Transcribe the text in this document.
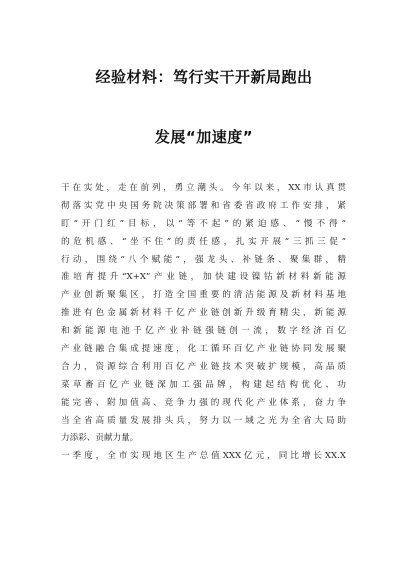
经验材料：笃行实干开新局跑出
发展“加速度”
干在实处，走在前列，勇立潮头。今年以来，XX市认真贯
彻落实党中央国务院决策部署和省委省政府工作安排，紧
盯“开门红”目标，以“等不起”的紧迫感、“慢不得”
的危机感、“坐不住”的责任感，扎实开展“三抓三促”
行动，围绕“八个赋能”，强龙头、补链条、聚集群，精
准培育提升“X+X”产业链，加快建设镍钴新材料新能源
产业创新聚集区，打造全国重要的清洁能源及新材料基地
推进有色金属新材料千亿产业链创新升级育精尖，新能源
和新能源电池千亿产业补链强链创一流，数字经济百亿
产业链融合集成提速度，化工循环百亿产业链协同发展聚
合力，资源综合利用百亿产业链技术突破扩规模，高品质
菜草畜百亿产业链深加工强品牌，构建起结构优化、功
能完善、附加值高、竞争力强的现代化产业体系，奋力争
当全省高质量发展排头兵，努力以一域之光为全省大局助
力添彩、贡献力量。
一季度，全市实现地区生产总值XXX亿元，同比增长XX.X
